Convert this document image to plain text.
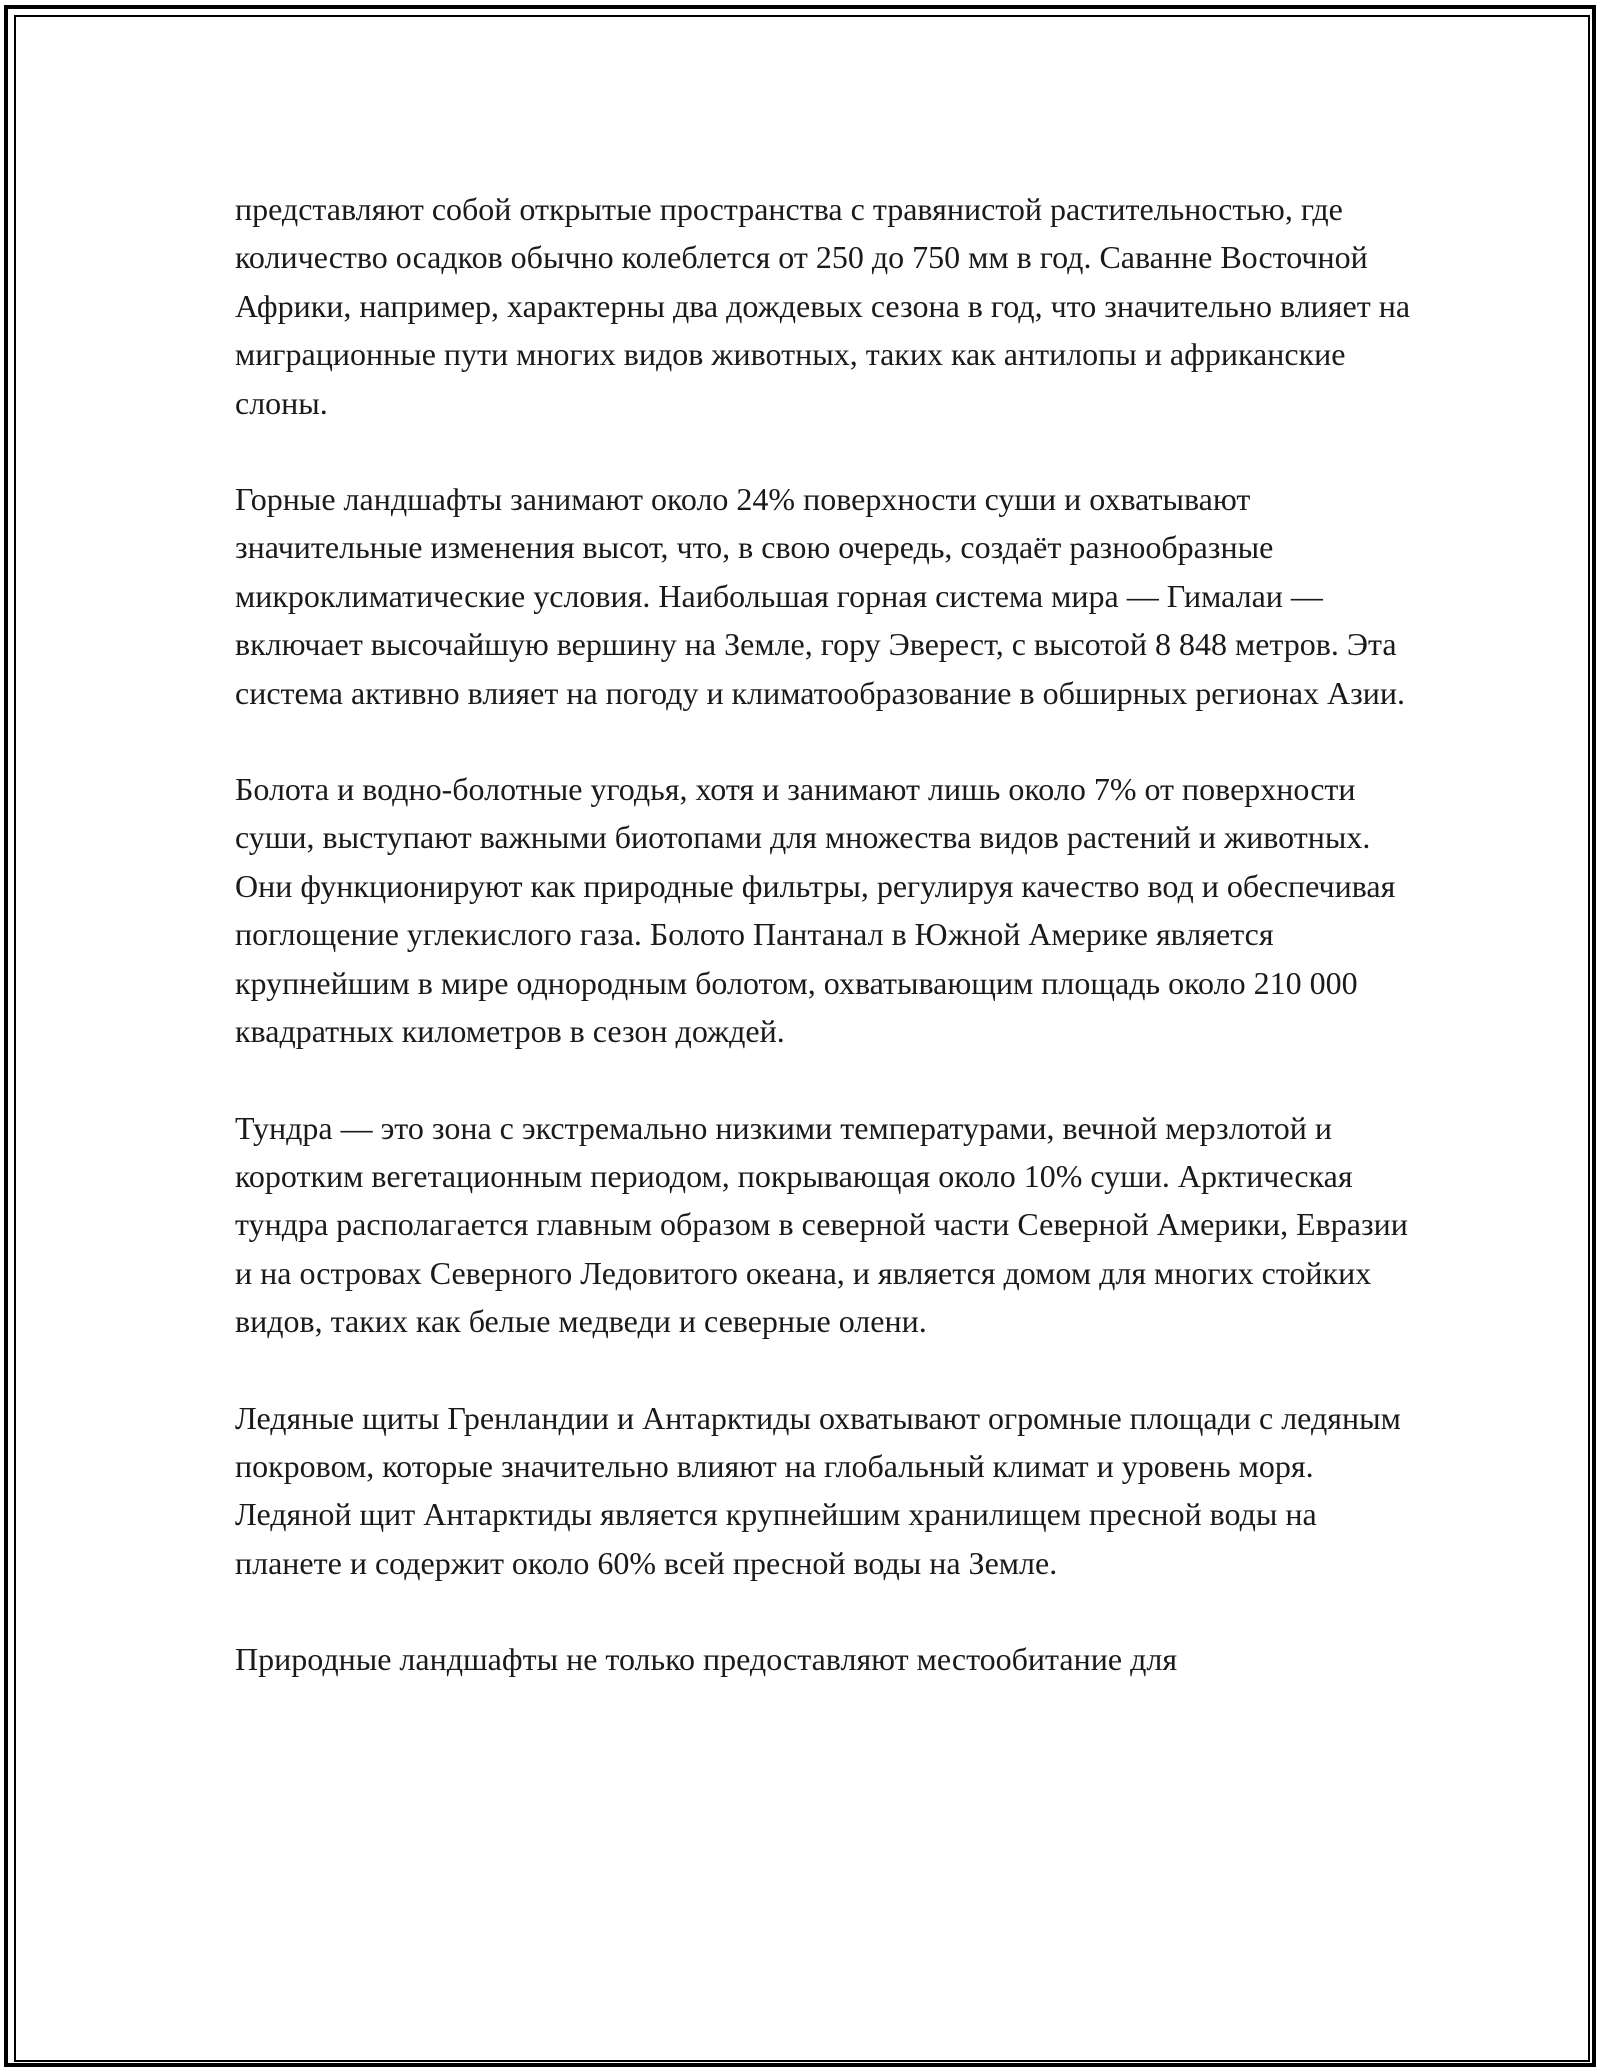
представляют собой открытые пространства с травянистой растительностью, где количество осадков обычно колеблется от 250 до 750 мм в год. Саванне Восточной Африки, например, характерны два дождевых сезона в год, что значительно влияет на миграционные пути многих видов животных, таких как антилопы и африканские слоны.

Горные ландшафты занимают около 24% поверхности суши и охватывают значительные изменения высот, что, в свою очередь, создаёт разнообразные микроклиматические условия. Наибольшая горная система мира — Гималаи — включает высочайшую вершину на Земле, гору Эверест, с высотой 8 848 метров. Эта система активно влияет на погоду и климатообразование в обширных регионах Азии.

Болота и водно-болотные угодья, хотя и занимают лишь около 7% от поверхности суши, выступают важными биотопами для множества видов растений и животных. Они функционируют как природные фильтры, регулируя качество вод и обеспечивая поглощение углекислого газа. Болото Пантанал в Южной Америке является крупнейшим в мире однородным болотом, охватывающим площадь около 210 000 квадратных километров в сезон дождей.

Тундра — это зона с экстремально низкими температурами, вечной мерзлотой и коротким вегетационным периодом, покрывающая около 10% суши. Арктическая тундра располагается главным образом в северной части Северной Америки, Евразии и на островах Северного Ледовитого океана, и является домом для многих стойких видов, таких как белые медведи и северные олени.

Ледяные щиты Гренландии и Антарктиды охватывают огромные площади с ледяным покровом, которые значительно влияют на глобальный климат и уровень моря. Ледяной щит Антарктиды является крупнейшим хранилищем пресной воды на планете и содержит около 60% всей пресной воды на Земле.

Природные ландшафты не только предоставляют местообитание для
